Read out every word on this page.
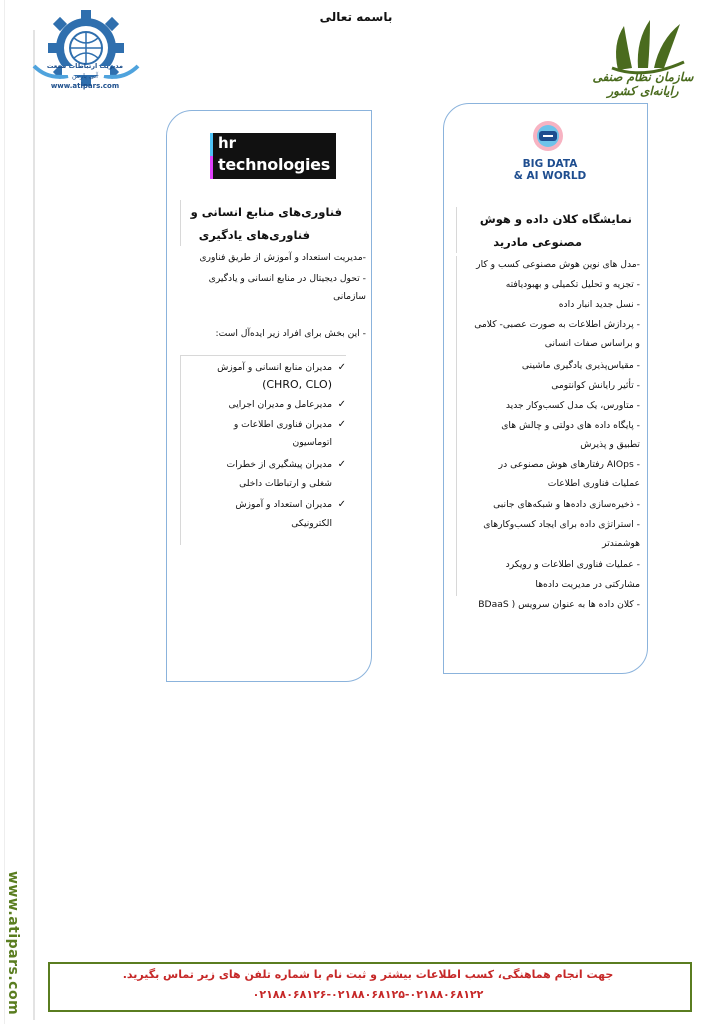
www.atipars.com
باسمه تعالی
مدیریت ارتباطات صنعت
آتی پارس
www.atipars.com
سازمان نظام صنفی رایانه‌ای کشور
hr
technologies
فناوری‌های منابع انسانی و
فناوری‌های یادگیری
-مدیریت استعداد و آموزش از طریق فناوری
- تحول دیجیتال در منابع انسانی و یادگیری
سازمانی
- این بخش برای افراد زیر ایده‌آل است:
✓
مدیران منابع انسانی و آموزش
(CHRO, CLO)
✓
مدیرعامل و مدیران اجرایی
✓
مدیران فناوری اطلاعات و
اتوماسیون
✓
مدیران پیشگیری از خطرات
شغلی و ارتباطات داخلی
✓
مدیران استعداد و آموزش
الکترونیکی
BIG DATA
& AI WORLD
نمایشگاه کلان داده و هوش
مصنوعی مادرید
-مدل های نوین هوش مصنوعی کسب و کار
- تجزیه و تحلیل تکمیلی و بهبودیافته
- نسل جدید انبار داده
- پردازش اطلاعات به صورت عصبی- کلامی
و براساس صفات انسانی
- مقیاس‌پذیری یادگیری ماشینی
- تأثیر رایانش کوانتومی
- متاورس، یک مدل کسب‌وکار جدید
- پایگاه داده های دولتی و چالش های
تطبیق و پذیرش
- AIOps رفتارهای هوش مصنوعی در
عملیات فناوری اطلاعات
- ذخیره‌سازی داده‌ها و شبکه‌های جانبی
- استراتژی داده برای ایجاد کسب‌وکارهای
هوشمندتر
- عملیات فناوری اطلاعات و رویکرد
مشارکتی در مدیریت داده‌ها
- کلان داده ها به عنوان سرویس ( BDaaS
جهت انجام هماهنگی، کسب اطلاعات بیشتر و ثبت نام با شماره تلفن های زیر تماس بگیرید.
۰۲۱۸۸۰۶۸۱۲۶-۰۲۱۸۸۰۶۸۱۲۵-۰۲۱۸۸۰۶۸۱۲۲
